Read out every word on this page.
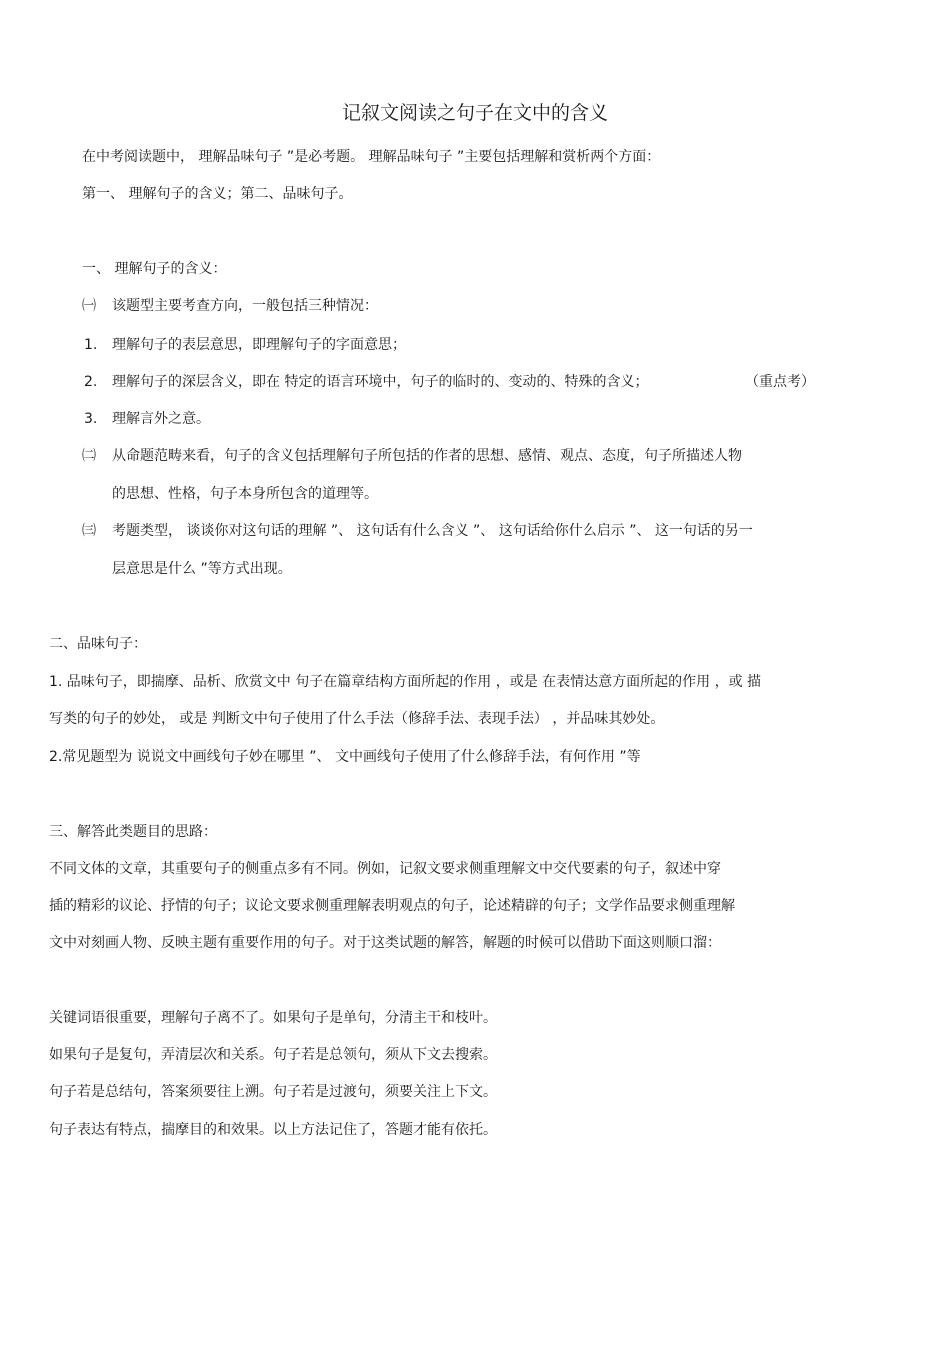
记叙文阅读之句子在文中的含义
在中考阅读题中， 理解品味句子 ”是必考题。 理解品味句子 ”主要包括理解和赏析两个方面：
第一、 理解句子的含义；第二、品味句子。
一、 理解句子的含义：
㈠ 该题型主要考查方向，一般包括三种情况：
1. 理解句子的表层意思，即理解句子的字面意思；
2. 理解句子的深层含义，即在 特定的语言环境中，句子的临时的、变动的、特殊的含义；	（重点考）
3. 理解言外之意。
㈡ 从命题范畴来看，句子的含义包括理解句子所包括的作者的思想、感情、观点、态度，句子所描述人物
的思想、性格，句子本身所包含的道理等。
㈢ 考题类型， 谈谈你对这句话的理解 ”、 这句话有什么含义 ”、 这句话给你什么启示 ”、 这一句话的另一
层意思是什么 ”等方式出现。
二、品味句子：
1. 品味句子，即揣摩、品析、欣赏文中 句子在篇章结构方面所起的作用 ，或是 在表情达意方面所起的作用 ，或 描
写类的句子的妙处， 或是 判断文中句子使用了什么手法（修辞手法、表现手法） ，并品味其妙处。
2.常见题型为 说说文中画线句子妙在哪里 ”、 文中画线句子使用了什么修辞手法，有何作用 ”等
三、解答此类题目的思路：
不同文体的文章，其重要句子的侧重点多有不同。例如，记叙文要求侧重理解文中交代要素的句子，叙述中穿
插的精彩的议论、抒情的句子；议论文要求侧重理解表明观点的句子，论述精辟的句子；文学作品要求侧重理解
文中对刻画人物、反映主题有重要作用的句子。对于这类试题的解答，解题的时候可以借助下面这则顺口溜：
关键词语很重要，理解句子离不了。如果句子是单句，分清主干和枝叶。
如果句子是复句，弄清层次和关系。句子若是总领句，须从下文去搜索。
句子若是总结句，答案须要往上溯。句子若是过渡句，须要关注上下文。
句子表达有特点，揣摩目的和效果。以上方法记住了，答题才能有依托。
